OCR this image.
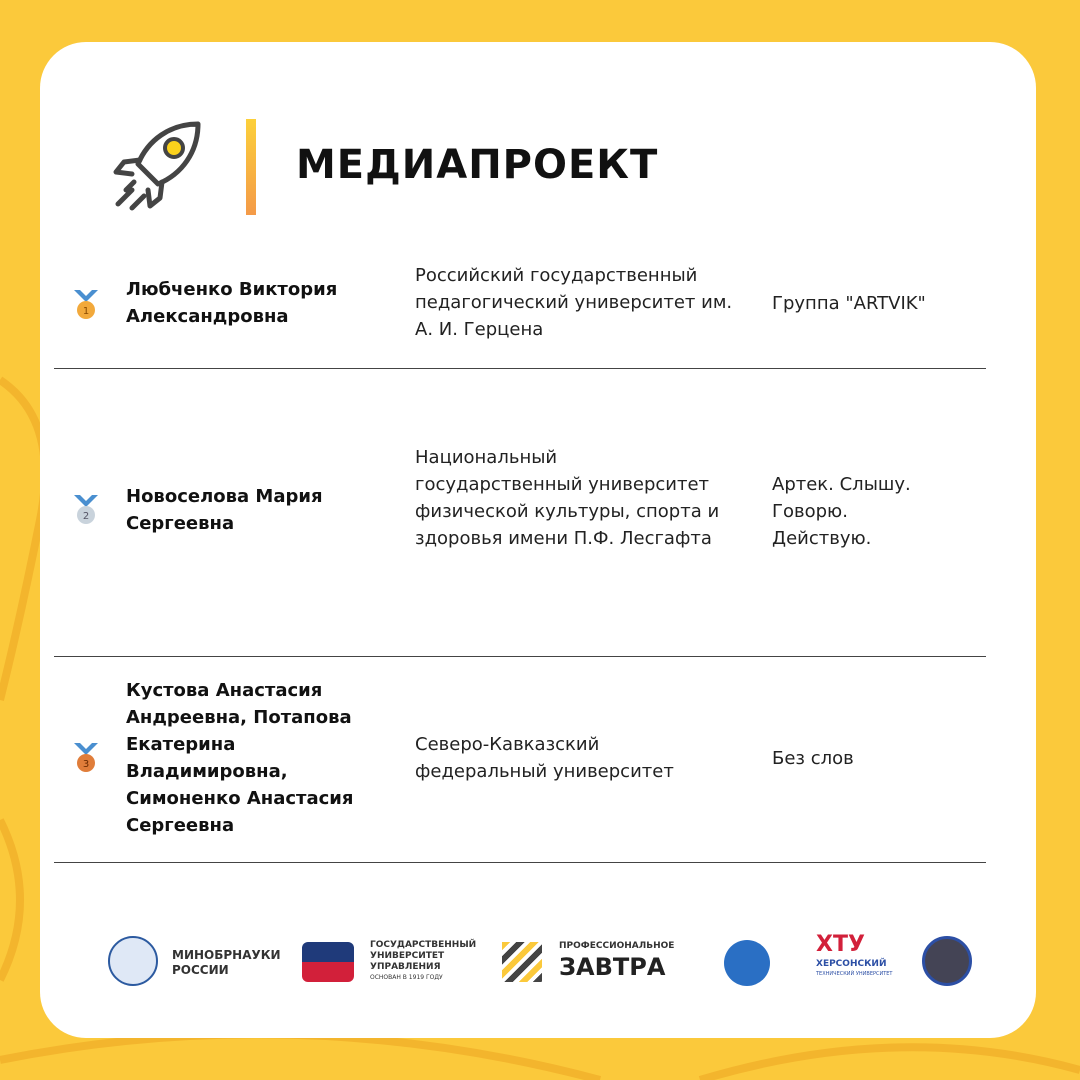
МЕДИАПРОЕКТ
1
Любченко Виктория Александровна
Российский государственный педагогический университет им. А. И. Герцена
Группа "ARTVIK"
2
Новоселова Мария Сергеевна
Национальный государственный университет физической культуры, спорта и здоровья имени П.Ф. Лесгафта
Артек. Слышу. Говорю. Действую.
3
Кустова Анастасия Андреевна, Потапова Екатерина Владимировна, Симоненко Анастасия Сергеевна
Северо-Кавказский федеральный университет
Без слов
МИНОБРНАУКИ
РОССИИ
ГОСУДАРСТВЕННЫЙ
УНИВЕРСИТЕТ
УПРАВЛЕНИЯ
ОСНОВАН В 1919 ГОДУ
ПРОФЕССИОНАЛЬНОЕ
ЗАВТРА
ХТУ
ХЕРСОНСКИЙ
ТЕХНИЧЕСКИЙ УНИВЕРСИТЕТ
